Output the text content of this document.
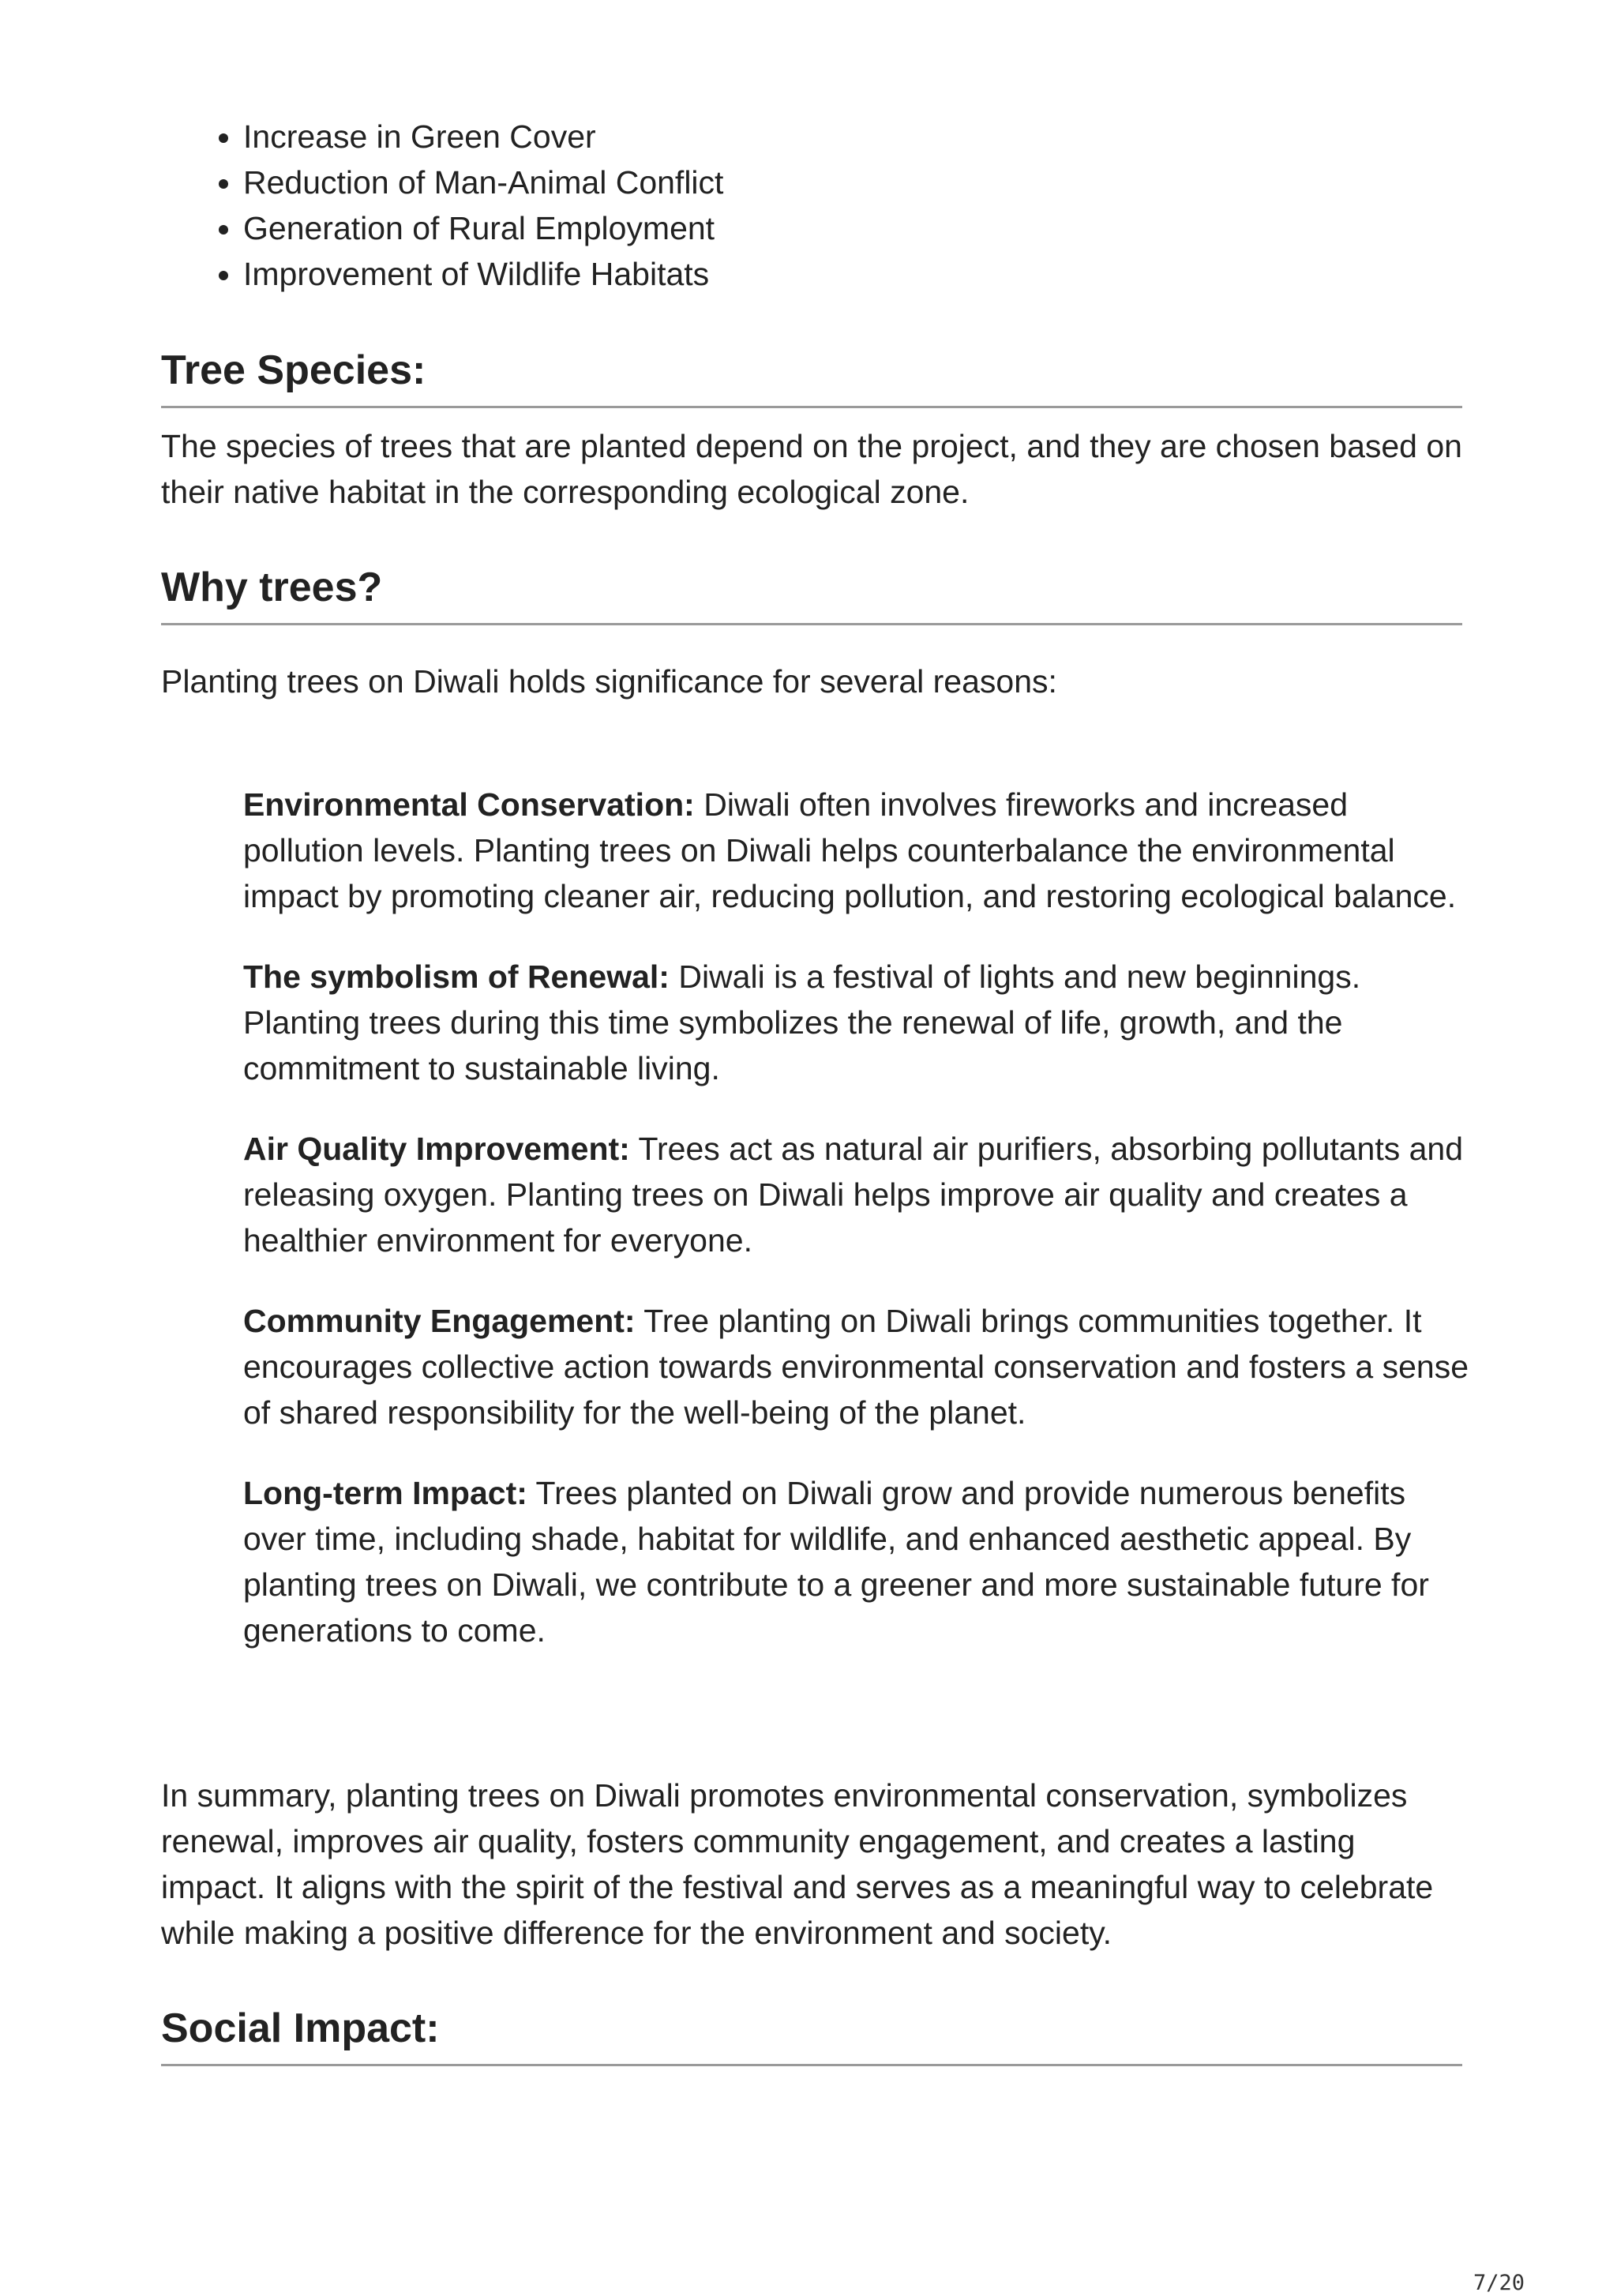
• Increase in Green Cover
• Reduction of Man-Animal Conflict
• Generation of Rural Employment
• Improvement of Wildlife Habitats
Tree Species:

The species of trees that are planted depend on the project, and they are chosen based on their native habitat in the corresponding ecological zone.

Why trees?

Planting trees on Diwali holds significance for several reasons:

Environmental Conservation: Diwali often involves fireworks and increased pollution levels. Planting trees on Diwali helps counterbalance the environmental impact by promoting cleaner air, reducing pollution, and restoring ecological balance.

The symbolism of Renewal: Diwali is a festival of lights and new beginnings. Planting trees during this time symbolizes the renewal of life, growth, and the commitment to sustainable living.

Air Quality Improvement: Trees act as natural air purifiers, absorbing pollutants and releasing oxygen. Planting trees on Diwali helps improve air quality and creates a healthier environment for everyone.

Community Engagement: Tree planting on Diwali brings communities together. It encourages collective action towards environmental conservation and fosters a sense of shared responsibility for the well-being of the planet.

Long-term Impact: Trees planted on Diwali grow and provide numerous benefits over time, including shade, habitat for wildlife, and enhanced aesthetic appeal. By planting trees on Diwali, we contribute to a greener and more sustainable future for generations to come.

In summary, planting trees on Diwali promotes environmental conservation, symbolizes renewal, improves air quality, fosters community engagement, and creates a lasting impact. It aligns with the spirit of the festival and serves as a meaningful way to celebrate while making a positive difference for the environment and society.

Social Impact:
7/20
